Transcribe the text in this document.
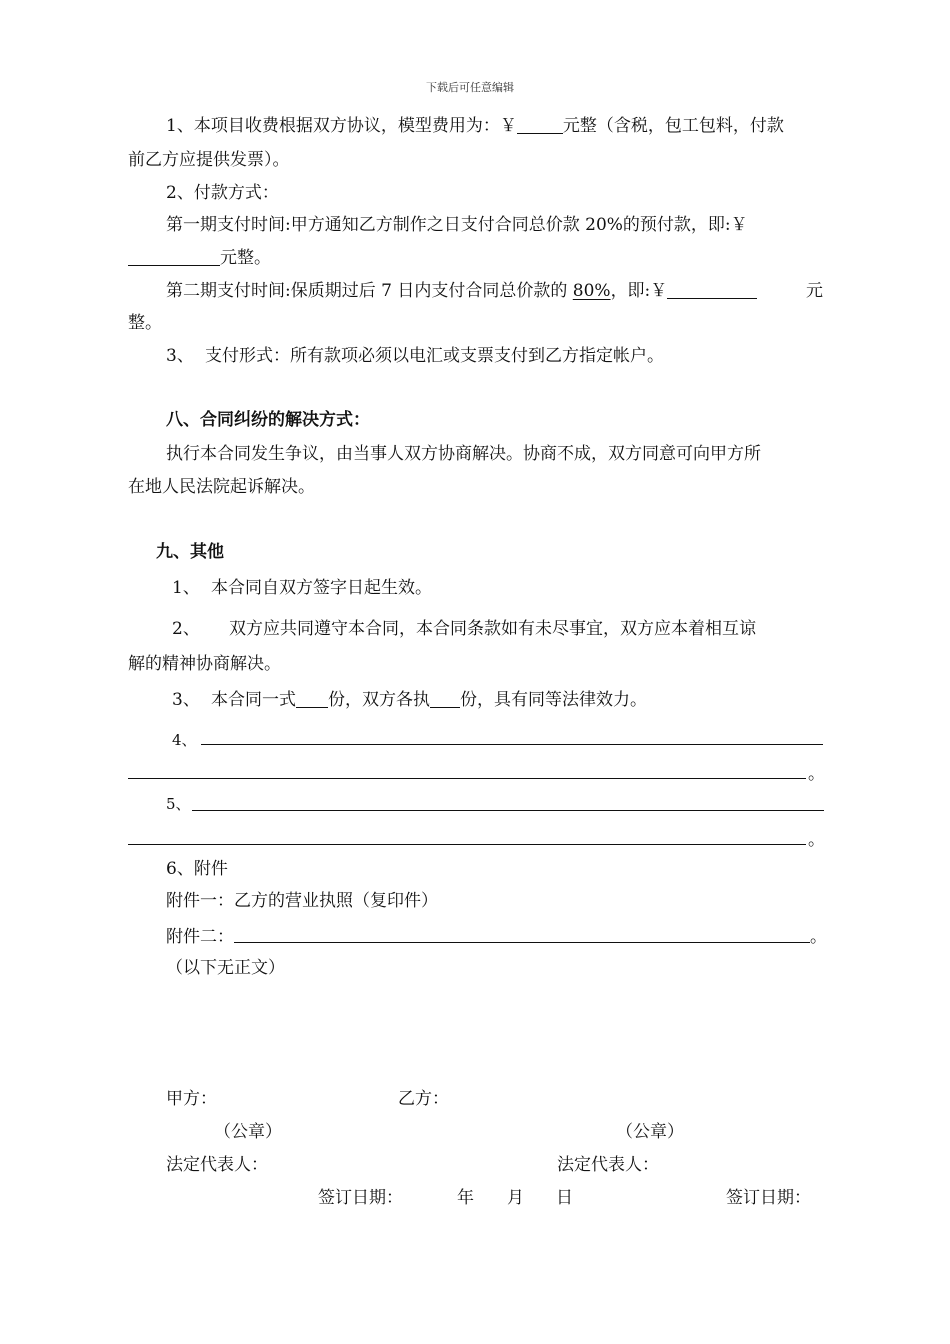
下载后可任意编辑
1、本项目收费根据双方协议，模型费用为：￥	元整（含税，包工包料，付款
前乙方应提供发票）。
2、付款方式：
第一期支付时间:甲方通知乙方制作之日支付合同总价款 20%的预付款，即:￥
元整。
第二期支付时间:保质期过后 7 日内支付合同总价款的 80%，即:￥	元
整。
3、 支付形式：所有款项必须以电汇或支票支付到乙方指定帐户。
八、合同纠纷的解决方式：
执行本合同发生争议，由当事人双方协商解决。协商不成，双方同意可向甲方所
在地人民法院起诉解决。
九、其他
1、 本合同自双方签字日起生效。
2、 双方应共同遵守本合同，本合同条款如有未尽事宜，双方应本着相互谅
解的精神协商解决。
3、 本合同一式 份，双方各执 份，具有同等法律效力。
4、
。
5、
。
6、附件
附件一：乙方的营业执照（复印件）
附件二：	。
（以下无正文）
甲方：	乙方：
（公章）	（公章）
法定代表人：	法定代表人：
签订日期：	年 月 日	签订日期：
